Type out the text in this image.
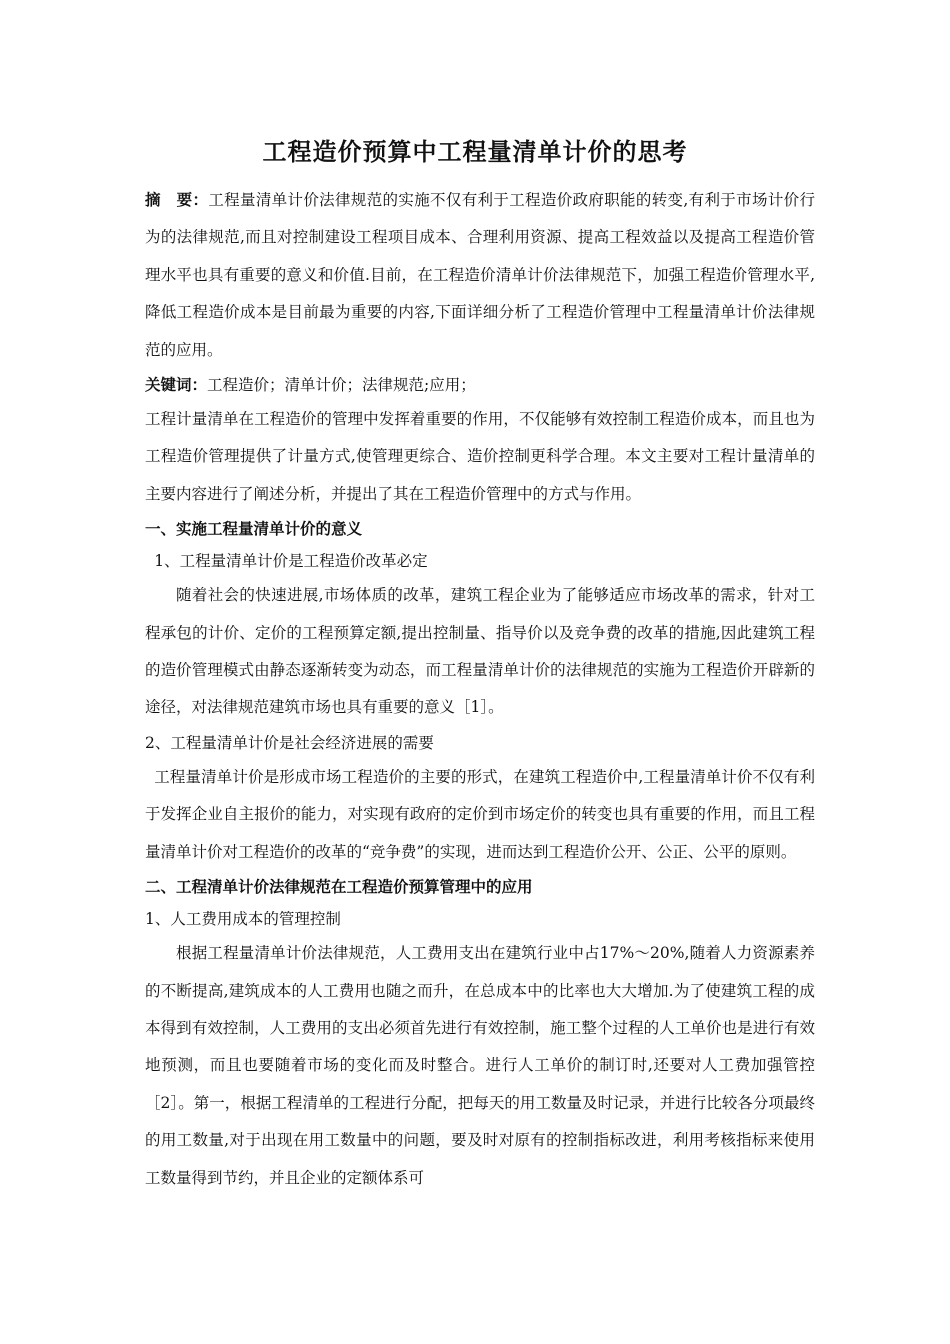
工程造价预算中工程量清单计价的思考

摘　要：工程量清单计价法律规范的实施不仅有利于工程造价政府职能的转变,有利于市场计价行为的法律规范,而且对控制建设工程项目成本、合理利用资源、提高工程效益以及提高工程造价管理水平也具有重要的意义和价值.目前，在工程造价清单计价法律规范下，加强工程造价管理水平,降低工程造价成本是目前最为重要的内容,下面详细分析了工程造价管理中工程量清单计价法律规范的应用。

关键词：工程造价；清单计价；法律规范;应用；

工程计量清单在工程造价的管理中发挥着重要的作用，不仅能够有效控制工程造价成本，而且也为工程造价管理提供了计量方式,使管理更综合、造价控制更科学合理。本文主要对工程计量清单的主要内容进行了阐述分析，并提出了其在工程造价管理中的方式与作用。

一、实施工程量清单计价的意义

1、工程量清单计价是工程造价改革必定

随着社会的快速进展,市场体质的改革，建筑工程企业为了能够适应市场改革的需求，针对工程承包的计价、定价的工程预算定额,提出控制量、指导价以及竞争费的改革的措施,因此建筑工程的造价管理模式由静态逐渐转变为动态，而工程量清单计价的法律规范的实施为工程造价开辟新的途径，对法律规范建筑市场也具有重要的意义［1］。

2、工程量清单计价是社会经济进展的需要

工程量清单计价是形成市场工程造价的主要的形式，在建筑工程造价中,工程量清单计价不仅有利于发挥企业自主报价的能力，对实现有政府的定价到市场定价的转变也具有重要的作用，而且工程量清单计价对工程造价的改革的“竞争费”的实现，进而达到工程造价公开、公正、公平的原则。

二、工程清单计价法律规范在工程造价预算管理中的应用

1、人工费用成本的管理控制

根据工程量清单计价法律规范，人工费用支出在建筑行业中占17%～20%,随着人力资源素养的不断提高,建筑成本的人工费用也随之而升，在总成本中的比率也大大增加.为了使建筑工程的成本得到有效控制，人工费用的支出必须首先进行有效控制，施工整个过程的人工单价也是进行有效地预测，而且也要随着市场的变化而及时整合。进行人工单价的制订时,还要对人工费加强管控［2］。第一，根据工程清单的工程进行分配，把每天的用工数量及时记录，并进行比较各分项最终的用工数量,对于出现在用工数量中的问题，要及时对原有的控制指标改进，利用考核指标来使用工数量得到节约，并且企业的定额体系可
